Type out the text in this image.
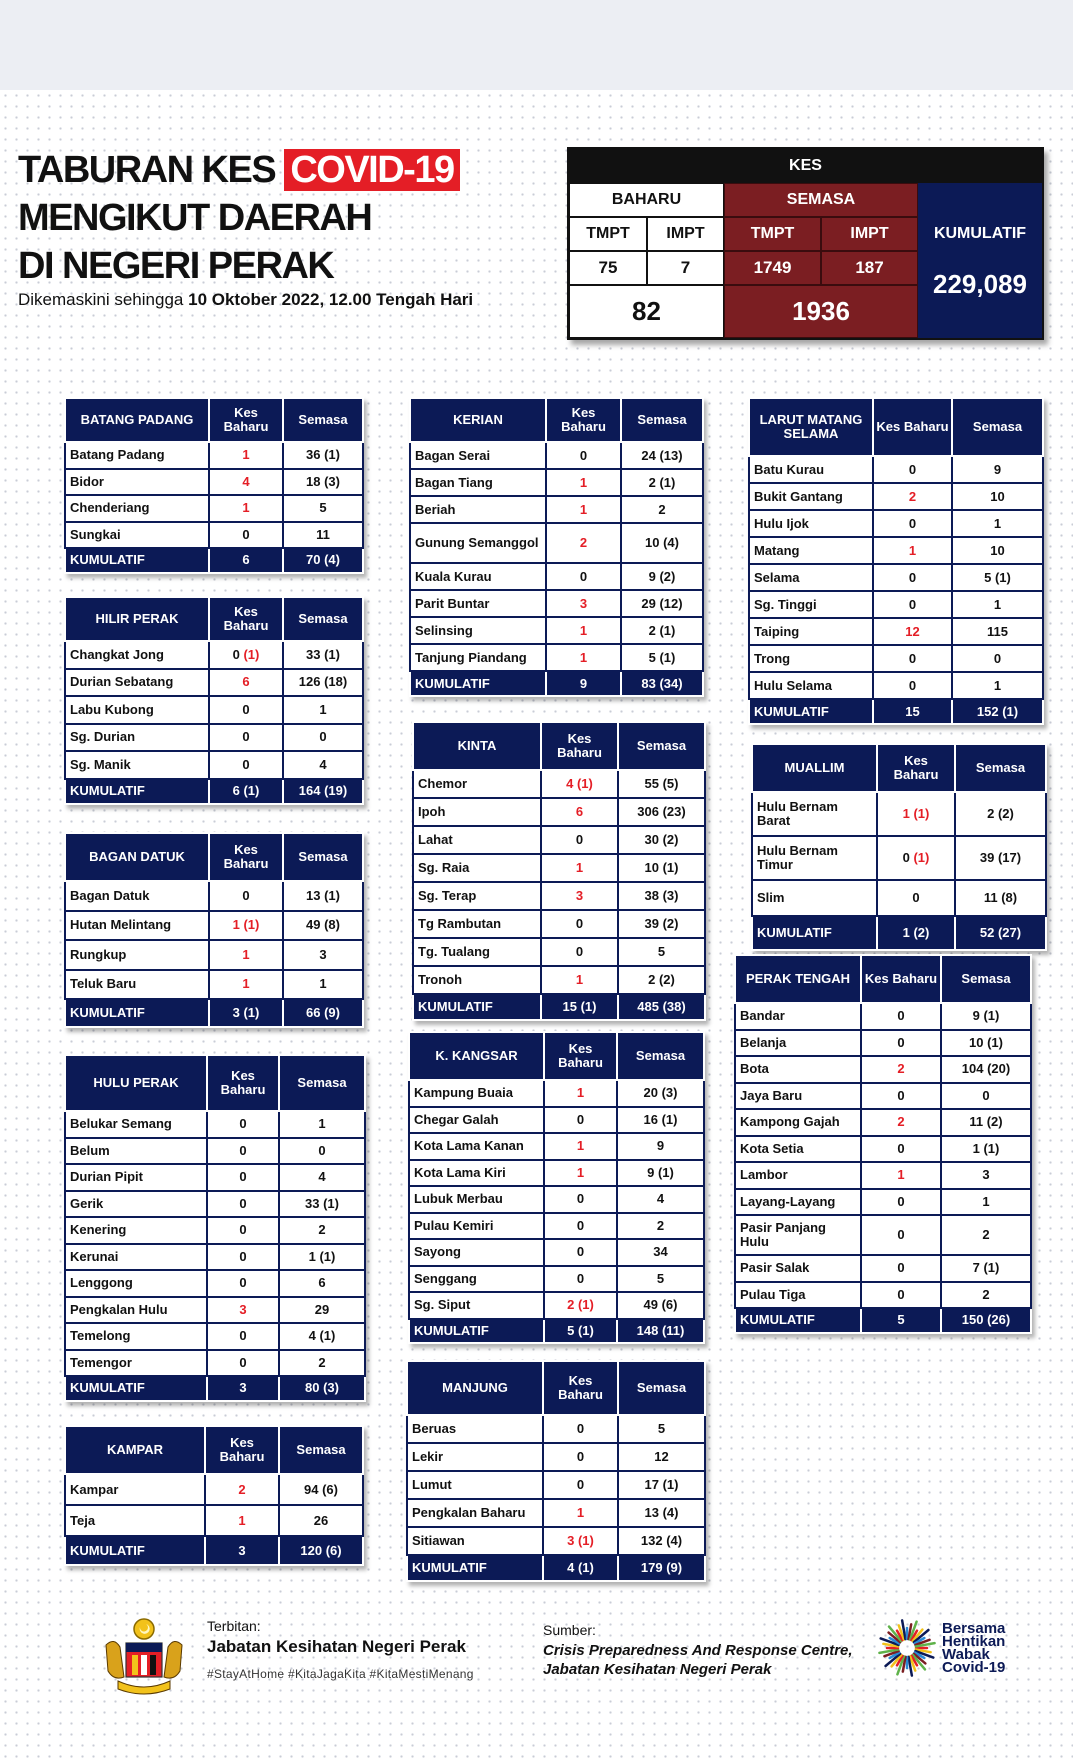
TABURAN KES COVID-19
MENGIKUT DAERAH
DI NEGERI PERAK
Dikemaskini sehingga 10 Oktober 2022, 12.00 Tengah Hari
KES
BAHARU	SEMASA
KUMULATIF
TMPT	IMPT	TMPT	IMPT
75	7	1749	187
82	1936
229,089
BATANG PADANG	Kes Baharu	Semasa
Batang Padang	1	36 (1)
Bidor	4	18 (3)
Chenderiang	1	5
Sungkai	0	11
KUMULATIF	6	70 (4)
HILIR PERAK	Kes Baharu	Semasa
Changkat Jong	0 (1)	33 (1)
Durian Sebatang	6	126 (18)
Labu Kubong	0	1
Sg. Durian	0	0
Sg. Manik	0	4
KUMULATIF	6 (1)	164 (19)
BAGAN DATUK	Kes Baharu	Semasa
Bagan Datuk	0	13 (1)
Hutan Melintang	1 (1)	49 (8)
Rungkup	1	3
Teluk Baru	1	1
KUMULATIF	3 (1)	66 (9)
HULU PERAK	Kes Baharu	Semasa
Belukar Semang	0	1
Belum	0	0
Durian Pipit	0	4
Gerik	0	33 (1)
Kenering	0	2
Kerunai	0	1 (1)
Lenggong	0	6
Pengkalan Hulu	3	29
Temelong	0	4 (1)
Temengor	0	2
KUMULATIF	3	80 (3)
KAMPAR	Kes Baharu	Semasa
Kampar	2	94 (6)
Teja	1	26
KUMULATIF	3	120 (6)
KERIAN	Kes Baharu	Semasa
Bagan Serai	0	24 (13)
Bagan Tiang	1	2 (1)
Beriah	1	2
Gunung Semanggol	2	10 (4)
Kuala Kurau	0	9 (2)
Parit Buntar	3	29 (12)
Selinsing	1	2 (1)
Tanjung Piandang	1	5 (1)
KUMULATIF	9	83 (34)
KINTA	Kes Baharu	Semasa
Chemor	4 (1)	55 (5)
Ipoh	6	306 (23)
Lahat	0	30 (2)
Sg. Raia	1	10 (1)
Sg. Terap	3	38 (3)
Tg Rambutan	0	39 (2)
Tg. Tualang	0	5
Tronoh	1	2 (2)
KUMULATIF	15 (1)	485 (38)
K. KANGSAR	Kes Baharu	Semasa
Kampung Buaia	1	20 (3)
Chegar Galah	0	16 (1)
Kota Lama Kanan	1	9
Kota Lama Kiri	1	9 (1)
Lubuk Merbau	0	4
Pulau Kemiri	0	2
Sayong	0	34
Senggang	0	5
Sg. Siput	2 (1)	49 (6)
KUMULATIF	5 (1)	148 (11)
MANJUNG	Kes Baharu	Semasa
Beruas	0	5
Lekir	0	12
Lumut	0	17 (1)
Pengkalan Baharu	1	13 (4)
Sitiawan	3 (1)	132 (4)
KUMULATIF	4 (1)	179 (9)
LARUT MATANG SELAMA	Kes Baharu	Semasa
Batu Kurau	0	9
Bukit Gantang	2	10
Hulu Ijok	0	1
Matang	1	10
Selama	0	5 (1)
Sg. Tinggi	0	1
Taiping	12	115
Trong	0	0
Hulu Selama	0	1
KUMULATIF	15	152 (1)
MUALLIM	Kes Baharu	Semasa
Hulu Bernam Barat	1 (1)	2 (2)
Hulu Bernam Timur	0 (1)	39 (17)
Slim	0	11 (8)
KUMULATIF	1 (2)	52 (27)
PERAK TENGAH	Kes Baharu	Semasa
Bandar	0	9 (1)
Belanja	0	10 (1)
Bota	2	104 (20)
Jaya Baru	0	0
Kampong Gajah	2	11 (2)
Kota Setia	0	1 (1)
Lambor	1	3
Layang-Layang	0	1
Pasir Panjang Hulu	0	2
Pasir Salak	0	7 (1)
Pulau Tiga	0	2
KUMULATIF	5	150 (26)
Terbitan:
Jabatan Kesihatan Negeri Perak
#StayAtHome #KitaJagaKita #KitaMestiMenang
Sumber:
Crisis Preparedness And Response Centre,
Jabatan Kesihatan Negeri Perak
Bersama
Hentikan
Wabak
Covid-19
